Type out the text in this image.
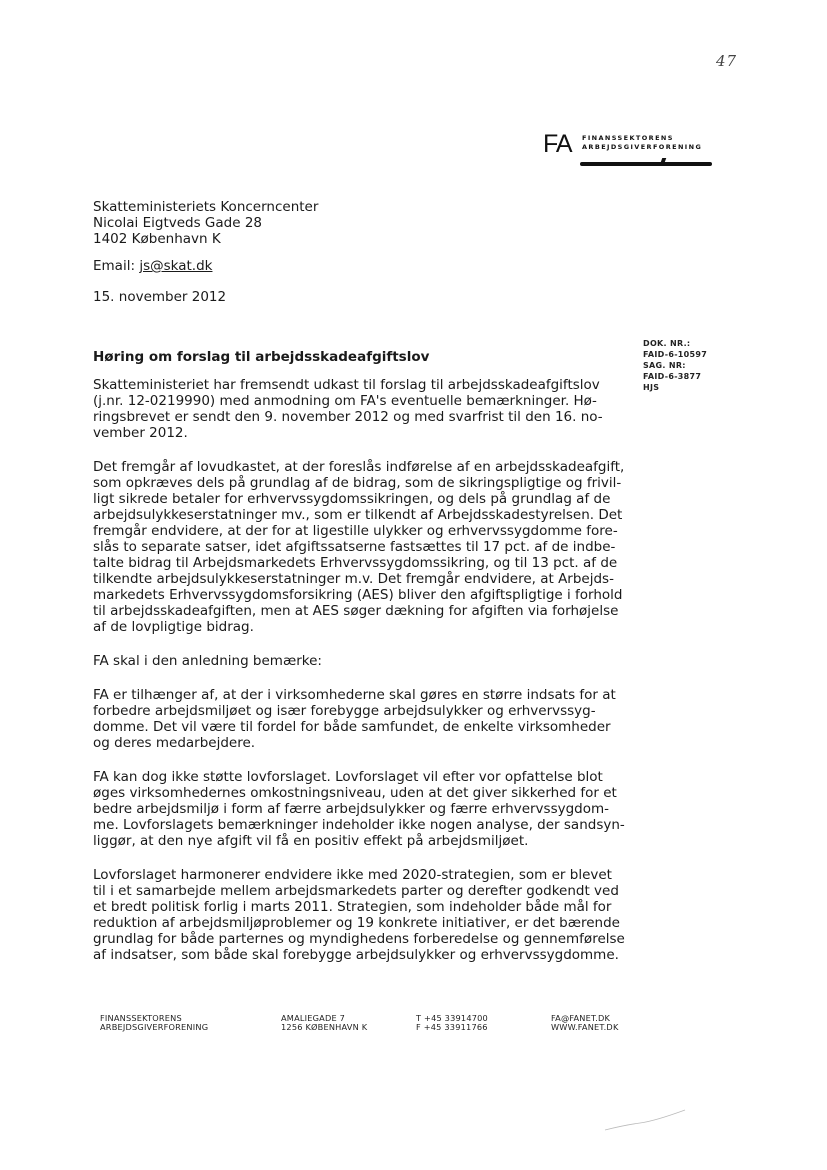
47
FA FINANSSEKTORENS
ARBEJDSGIVERFORENING
Skatteministeriets Koncerncenter
Nicolai Eigtveds Gade 28
1402 København K
Email: js@skat.dk
15. november 2012
DOK. NR.:
FAID-6-10597
SAG. NR:
FAID-6-3877
HJS
Høring om forslag til arbejdsskadeafgiftslov
Skatteministeriet har fremsendt udkast til forslag til arbejdsskadeafgiftslov
(j.nr. 12-0219990) med anmodning om FA's eventuelle bemærkninger. Hø-
ringsbrevet er sendt den 9. november 2012 og med svarfrist til den 16. no-
vember 2012.
Det fremgår af lovudkastet, at der foreslås indførelse af en arbejdsskadeafgift,
som opkræves dels på grundlag af de bidrag, som de sikringspligtige og frivil-
ligt sikrede betaler for erhvervssygdomssikringen, og dels på grundlag af de
arbejdsulykkeserstatninger mv., som er tilkendt af Arbejdsskadestyrelsen. Det
fremgår endvidere, at der for at ligestille ulykker og erhvervssygdomme fore-
slås to separate satser, idet afgiftssatserne fastsættes til 17 pct. af de indbe-
talte bidrag til Arbejdsmarkedets Erhvervssygdomssikring, og til 13 pct. af de
tilkendte arbejdsulykkeserstatninger m.v. Det fremgår endvidere, at Arbejds-
markedets Erhvervssygdomsforsikring (AES) bliver den afgiftspligtige i forhold
til arbejdsskadeafgiften, men at AES søger dækning for afgiften via forhøjelse
af de lovpligtige bidrag.
FA skal i den anledning bemærke:
FA er tilhænger af, at der i virksomhederne skal gøres en større indsats for at
forbedre arbejdsmiljøet og især forebygge arbejdsulykker og erhvervssyg-
domme. Det vil være til fordel for både samfundet, de enkelte virksomheder
og deres medarbejdere.
FA kan dog ikke støtte lovforslaget. Lovforslaget vil efter vor opfattelse blot
øges virksomhedernes omkostningsniveau, uden at det giver sikkerhed for et
bedre arbejdsmiljø i form af færre arbejdsulykker og færre erhvervssygdom-
me. Lovforslagets bemærkninger indeholder ikke nogen analyse, der sandsyn-
liggør, at den nye afgift vil få en positiv effekt på arbejdsmiljøet.
Lovforslaget harmonerer endvidere ikke med 2020-strategien, som er blevet
til i et samarbejde mellem arbejdsmarkedets parter og derefter godkendt ved
et bredt politisk forlig i marts 2011. Strategien, som indeholder både mål for
reduktion af arbejdsmiljøproblemer og 19 konkrete initiativer, er det bærende
grundlag for både parternes og myndighedens forberedelse og gennemførelse
af indsatser, som både skal forebygge arbejdsulykker og erhvervssygdomme.
FINANSSEKTORENS
ARBEJDSGIVERFORENING
AMALIEGADE 7
1256 KØBENHAVN K
T +45 33914700
F +45 33911766
FA@FANET.DK
WWW.FANET.DK
